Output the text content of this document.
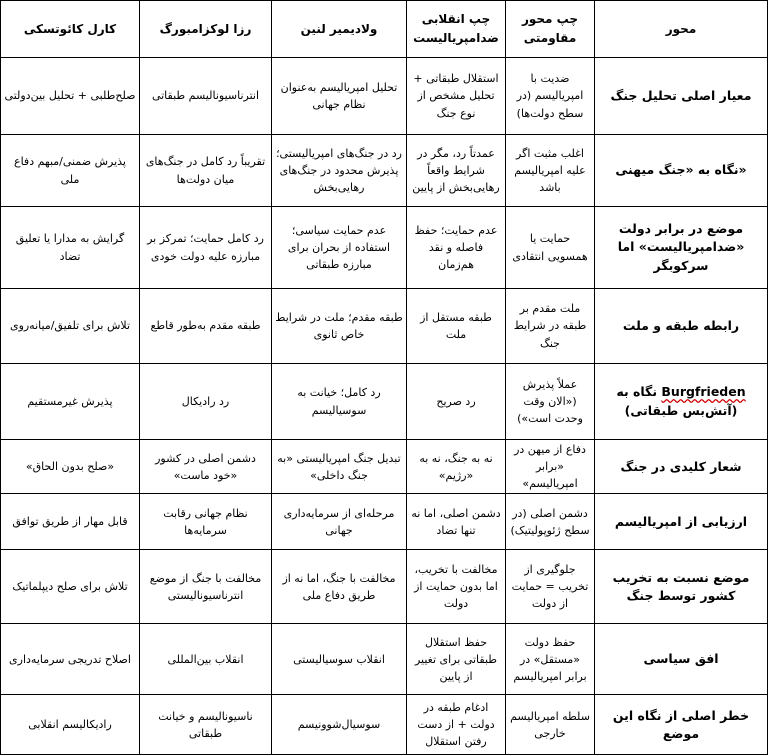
محور	چپ محور مقاومتی	چپ انقلابی ضدامپریالیست	ولادیمیر لنین	رزا لوکزامبورگ	کارل کائوتسکی
معیار اصلی تحلیل جنگ	ضدیت با امپریالیسم (در سطح دولت‌ها)	استقلال طبقاتی + تحلیل مشخص از نوع جنگ	تحلیل امپریالیسم به‌عنوان نظام جهانی	انترناسیونالیسم طبقاتی	صلح‌طلبی + تحلیل بین‌دولتی
«نگاه به «جنگ میهنی	اغلب مثبت اگر علیه امپریالیسم باشد	عمدتاً رد، مگر در شرایط واقعاً رهایی‌بخش از پایین	رد در جنگ‌های امپریالیستی؛ پذیرش محدود در جنگ‌های رهایی‌بخش	تقریباً رد کامل در جنگ‌های میان دولت‌ها	پذیرش ضمنی/مبهم دفاع ملی
موضع در برابر دولت «ضدامپریالیست» اما سرکوبگر	حمایت یا همسویی انتقادی	عدم حمایت؛ حفظ فاصله و نقد هم‌زمان	عدم حمایت سیاسی؛ استفاده از بحران برای مبارزه طبقاتی	رد کامل حمایت؛ تمرکز بر مبارزه علیه دولت خودی	گرایش به مدارا یا تعلیق تضاد
رابطه طبقه و ملت	ملت مقدم بر طبقه در شرایط جنگ	طبقه مستقل از ملت	طبقه مقدم؛ ملت در شرایط خاص ثانوی	طبقه مقدم به‌طور قاطع	تلاش برای تلفیق/میانه‌روی
Burgfrieden نگاه به
(آتش‌بس طبقاتی)	عملاً پذیرش («الان وقت وحدت است»)	رد صریح	رد کامل؛ خیانت به سوسیالیسم	رد رادیکال	پذیرش غیرمستقیم
شعار کلیدی در جنگ	دفاع از میهن در «برابر امپریالیسم»	نه به جنگ، نه به «رژیم»	تبدیل جنگ امپریالیستی «به جنگ داخلی»	دشمن اصلی در کشور «خود ماست»	«صلح بدون الحاق»
ارزیابی از امپریالیسم	دشمن اصلی (در سطح ژئوپولیتیک)	دشمن اصلی، اما نه تنها تضاد	مرحله‌ای از سرمایه‌داری جهانی	نظام جهانی رقابت سرمایه‌ها	قابل مهار از طریق توافق
موضع نسبت به تخریب کشور توسط جنگ	جلوگیری از تخریب = حمایت از دولت	مخالفت با تخریب، اما بدون حمایت از دولت	مخالفت با جنگ، اما نه از طریق دفاع ملی	مخالفت با جنگ از موضع انترناسیونالیستی	تلاش برای صلح دیپلماتیک
افق سیاسی	حفظ دولت «مستقل» در برابر امپریالیسم	حفظ استقلال طبقاتی برای تغییر از پایین	انقلاب سوسیالیستی	انقلاب بین‌المللی	اصلاح تدریجی سرمایه‌داری
خطر اصلی از نگاه این موضع	سلطه امپریالیسم خارجی	ادغام طبقه در دولت + از دست رفتن استقلال	سوسیال‌شوونیسم	ناسیونالیسم و خیانت طبقاتی	رادیکالیسم انقلابی
